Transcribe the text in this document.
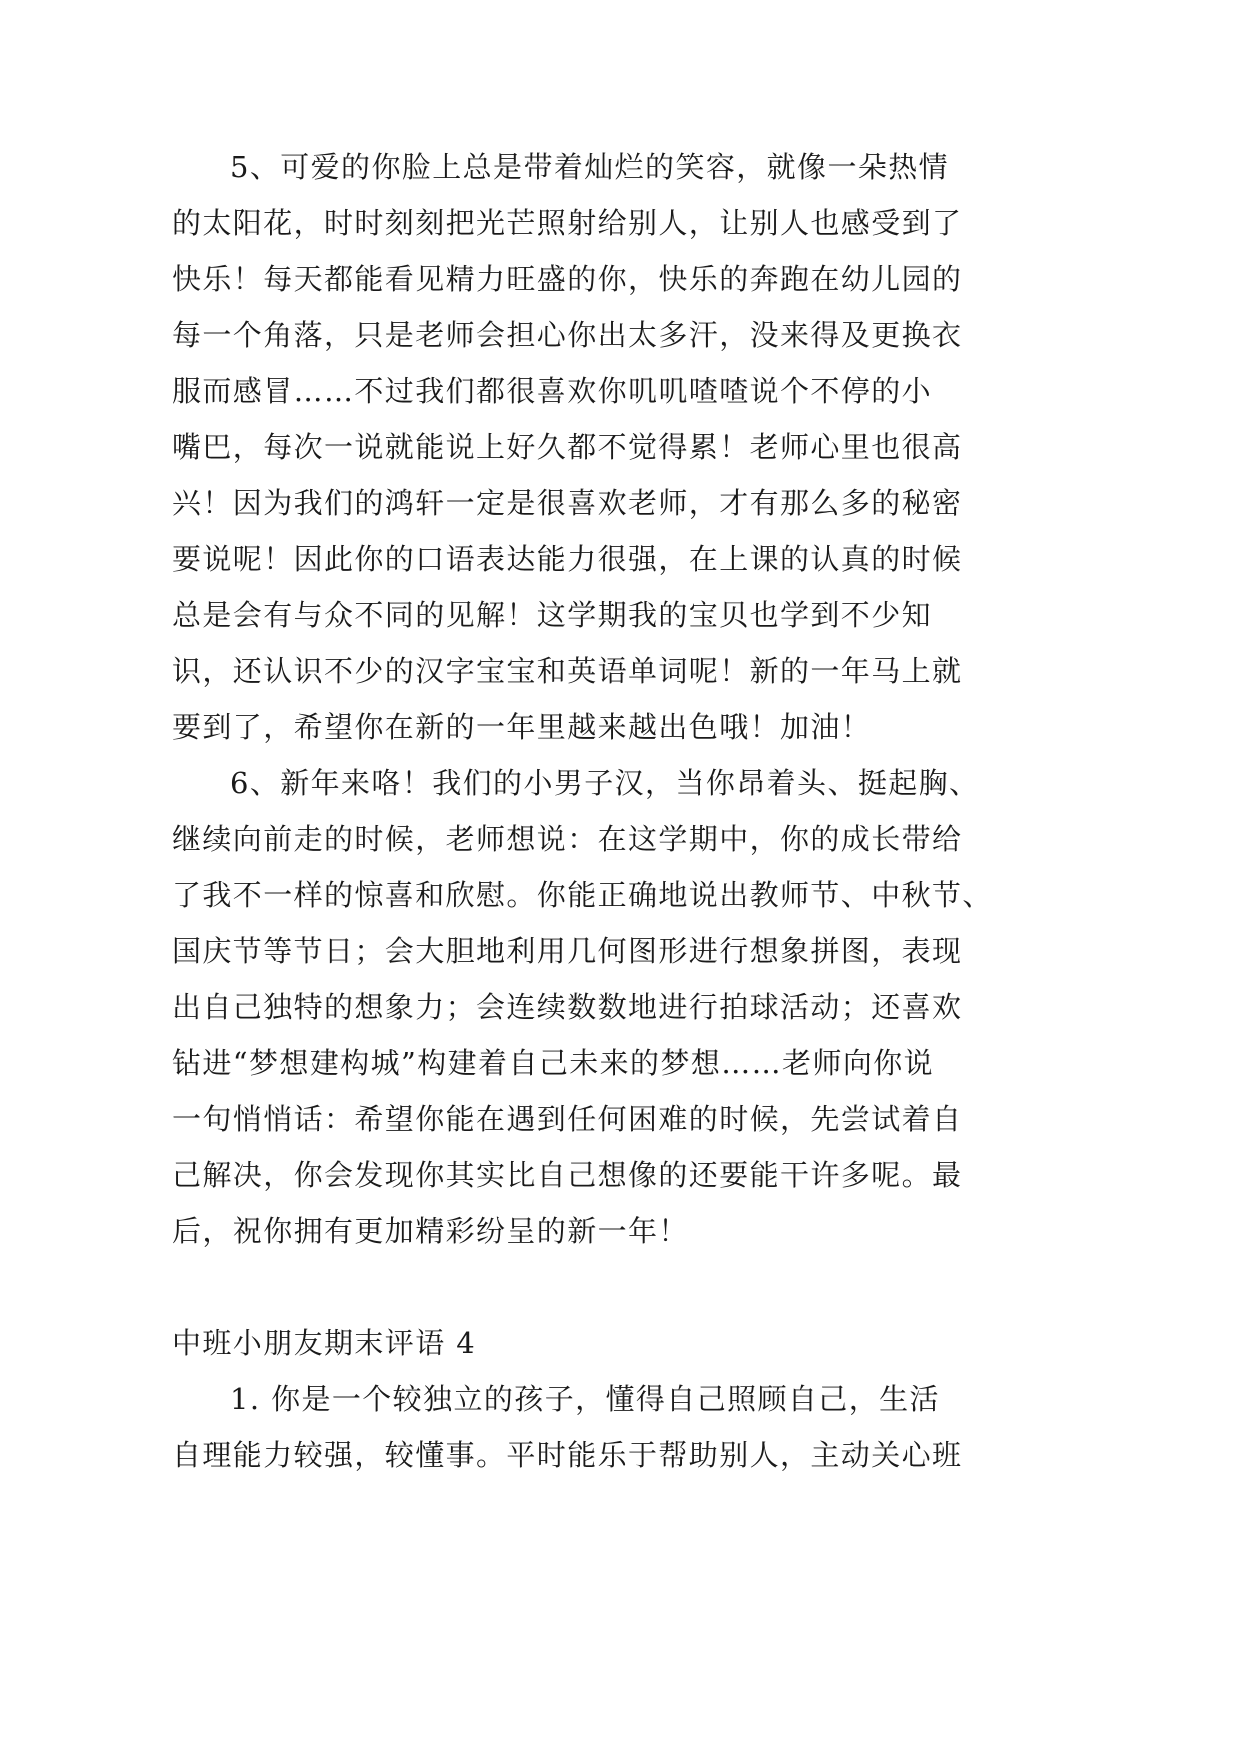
5、可爱的你脸上总是带着灿烂的笑容，就像一朵热情
的太阳花，时时刻刻把光芒照射给别人，让别人也感受到了
快乐！每天都能看见精力旺盛的你，快乐的奔跑在幼儿园的
每一个角落，只是老师会担心你出太多汗，没来得及更换衣
服而感冒……不过我们都很喜欢你叽叽喳喳说个不停的小
嘴巴，每次一说就能说上好久都不觉得累！老师心里也很高
兴！因为我们的鸿轩一定是很喜欢老师，才有那么多的秘密
要说呢！因此你的口语表达能力很强，在上课的认真的时候
总是会有与众不同的见解！这学期我的宝贝也学到不少知
识，还认识不少的汉字宝宝和英语单词呢！新的一年马上就
要到了，希望你在新的一年里越来越出色哦！加油！
6、新年来咯！我们的小男子汉，当你昂着头、挺起胸、
继续向前走的时候，老师想说：在这学期中，你的成长带给
了我不一样的惊喜和欣慰。你能正确地说出教师节、中秋节、
国庆节等节日；会大胆地利用几何图形进行想象拼图，表现
出自己独特的想象力；会连续数数地进行拍球活动；还喜欢
钻进“梦想建构城”构建着自己未来的梦想……老师向你说
一句悄悄话：希望你能在遇到任何困难的时候，先尝试着自
己解决，你会发现你其实比自己想像的还要能干许多呢。最
后，祝你拥有更加精彩纷呈的新一年！
中班小朋友期末评语 4
1. 你是一个较独立的孩子，懂得自己照顾自己，生活
自理能力较强，较懂事。平时能乐于帮助别人，主动关心班
